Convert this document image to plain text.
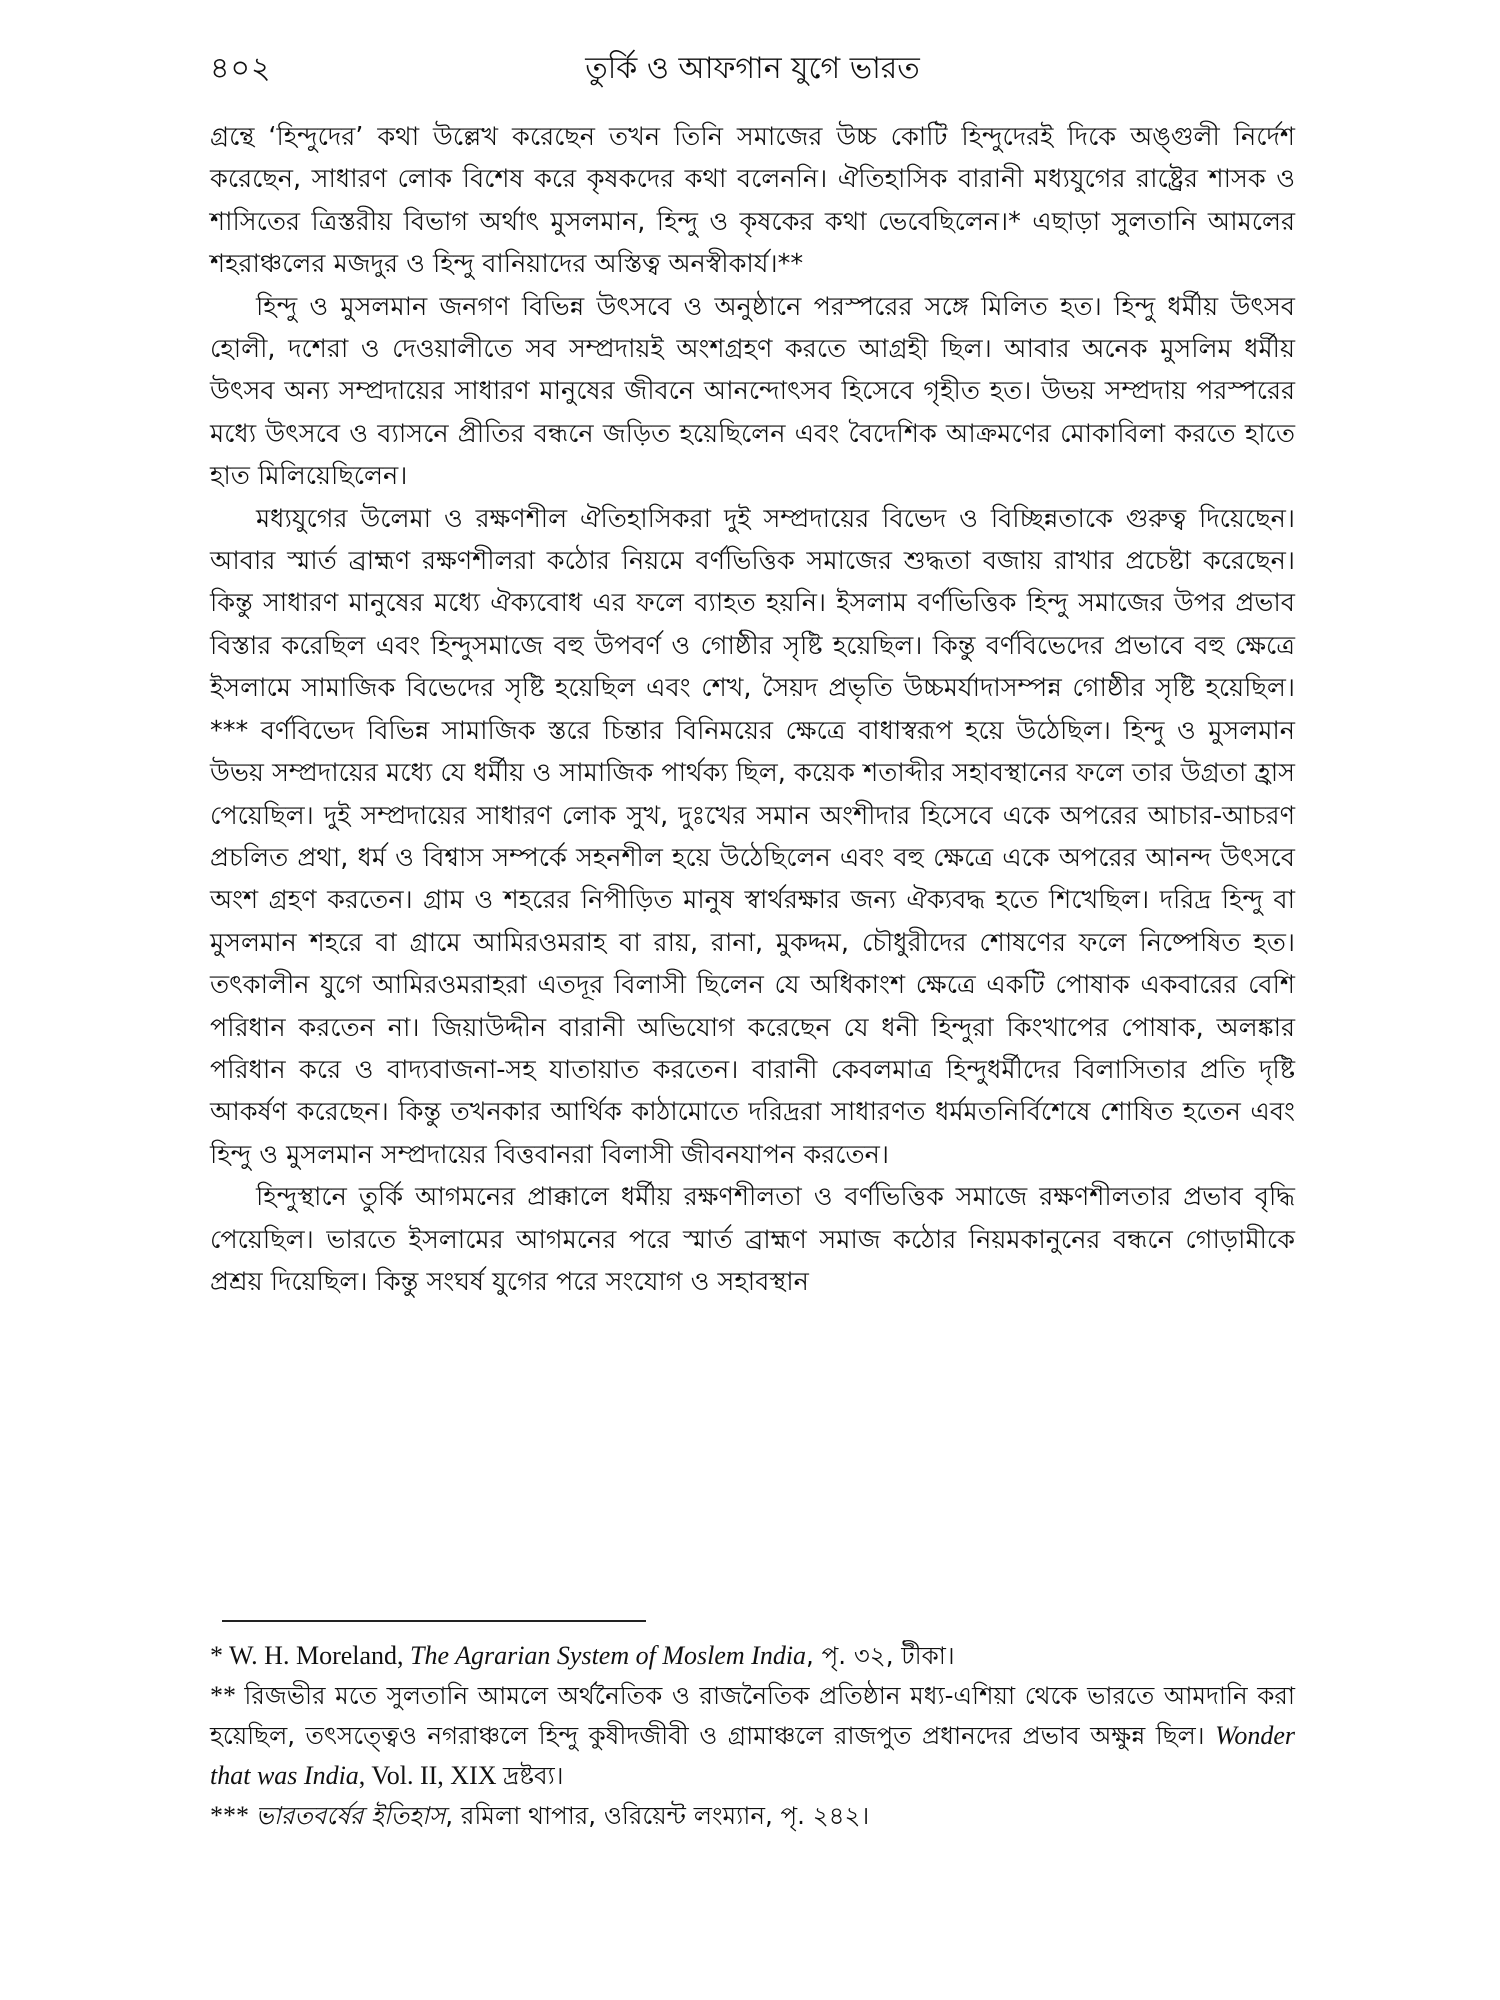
৪০২	তুর্কি ও আফগান যুগে ভারত

গ্রন্থে ‘হিন্দুদের’ কথা উল্লেখ করেছেন তখন তিনি সমাজের উচ্চ কোটি হিন্দুদেরই দিকে অঙ্গুলী নির্দেশ করেছেন, সাধারণ লোক বিশেষ করে কৃষকদের কথা বলেননি। ঐতিহাসিক বারানী মধ্যযুগের রাষ্ট্রের শাসক ও শাসিতের ত্রিস্তরীয় বিভাগ অর্থাৎ মুসলমান, হিন্দু ও কৃষকের কথা ভেবেছিলেন।* এছাড়া সুলতানি আমলের শহরাঞ্চলের মজদুর ও হিন্দু বানিয়াদের অস্তিত্ব অনস্বীকার্য।**

হিন্দু ও মুসলমান জনগণ বিভিন্ন উৎসবে ও অনুষ্ঠানে পরস্পরের সঙ্গে মিলিত হত। হিন্দু ধর্মীয় উৎসব হোলী, দশেরা ও দেওয়ালীতে সব সম্প্রদায়ই অংশগ্রহণ করতে আগ্রহী ছিল। আবার অনেক মুসলিম ধর্মীয় উৎসব অন্য সম্প্রদায়ের সাধারণ মানুষের জীবনে আনন্দোৎসব হিসেবে গৃহীত হত। উভয় সম্প্রদায় পরস্পরের মধ্যে উৎসবে ও ব্যাসনে প্রীতির বন্ধনে জড়িত হয়েছিলেন এবং বৈদেশিক আক্রমণের মোকাবিলা করতে হাতে হাত মিলিয়েছিলেন।

মধ্যযুগের উলেমা ও রক্ষণশীল ঐতিহাসিকরা দুই সম্প্রদায়ের বিভেদ ও বিচ্ছিন্নতাকে গুরুত্ব দিয়েছেন। আবার স্মার্ত ব্রাহ্মণ রক্ষণশীলরা কঠোর নিয়মে বর্ণভিত্তিক সমাজের শুদ্ধতা বজায় রাখার প্রচেষ্টা করেছেন। কিন্তু সাধারণ মানুষের মধ্যে ঐক্যবোধ এর ফলে ব্যাহত হয়নি। ইসলাম বর্ণভিত্তিক হিন্দু সমাজের উপর প্রভাব বিস্তার করেছিল এবং হিন্দুসমাজে বহু উপবর্ণ ও গোষ্ঠীর সৃষ্টি হয়েছিল। কিন্তু বর্ণবিভেদের প্রভাবে বহু ক্ষেত্রে ইসলামে সামাজিক বিভেদের সৃষ্টি হয়েছিল এবং শেখ, সৈয়দ প্রভৃতি উচ্চমর্যাদাসম্পন্ন গোষ্ঠীর সৃষ্টি হয়েছিল।*** বর্ণবিভেদ বিভিন্ন সামাজিক স্তরে চিন্তার বিনিময়ের ক্ষেত্রে বাধাস্বরূপ হয়ে উঠেছিল। হিন্দু ও মুসলমান উভয় সম্প্রদায়ের মধ্যে যে ধর্মীয় ও সামাজিক পার্থক্য ছিল, কয়েক শতাব্দীর সহাবস্থানের ফলে তার উগ্রতা হ্রাস পেয়েছিল। দুই সম্প্রদায়ের সাধারণ লোক সুখ, দুঃখের সমান অংশীদার হিসেবে একে অপরের আচার-আচরণ প্রচলিত প্রথা, ধর্ম ও বিশ্বাস সম্পর্কে সহনশীল হয়ে উঠেছিলেন এবং বহু ক্ষেত্রে একে অপরের আনন্দ উৎসবে অংশ গ্রহণ করতেন। গ্রাম ও শহরের নিপীড়িত মানুষ স্বার্থরক্ষার জন্য ঐক্যবদ্ধ হতে শিখেছিল। দরিদ্র হিন্দু বা মুসলমান শহরে বা গ্রামে আমিরওমরাহ বা রায়, রানা, মুকদ্দম, চৌধুরীদের শোষণের ফলে নিষ্পেষিত হত। তৎকালীন যুগে আমিরওমরাহরা এতদূর বিলাসী ছিলেন যে অধিকাংশ ক্ষেত্রে একটি পোষাক একবারের বেশি পরিধান করতেন না। জিয়াউদ্দীন বারানী অভিযোগ করেছেন যে ধনী হিন্দুরা কিংখাপের পোষাক, অলঙ্কার পরিধান করে ও বাদ্যবাজনা-সহ যাতায়াত করতেন। বারানী কেবলমাত্র হিন্দুধর্মীদের বিলাসিতার প্রতি দৃষ্টি আকর্ষণ করেছেন। কিন্তু তখনকার আর্থিক কাঠামোতে দরিদ্ররা সাধারণত ধর্মমতনির্বিশেষে শোষিত হতেন এবং হিন্দু ও মুসলমান সম্প্রদায়ের বিত্তবানরা বিলাসী জীবনযাপন করতেন।

হিন্দুস্থানে তুর্কি আগমনের প্রাক্কালে ধর্মীয় রক্ষণশীলতা ও বর্ণভিত্তিক সমাজে রক্ষণশীলতার প্রভাব বৃদ্ধি পেয়েছিল। ভারতে ইসলামের আগমনের পরে স্মার্ত ব্রাহ্মণ সমাজ কঠোর নিয়মকানুনের বন্ধনে গোড়ামীকে প্রশ্রয় দিয়েছিল। কিন্তু সংঘর্ষ যুগের পরে সংযোগ ও সহাবস্থান

* W. H. Moreland, The Agrarian System of Moslem India, পৃ. ৩২, টীকা।

** রিজভীর মতে সুলতানি আমলে অর্থনৈতিক ও রাজনৈতিক প্রতিষ্ঠান মধ্য-এশিয়া থেকে ভারতে আমদানি করা হয়েছিল, তৎসত্ত্বেও নগরাঞ্চলে হিন্দু কুষীদজীবী ও গ্রামাঞ্চলে রাজপুত প্রধানদের প্রভাব অক্ষুন্ন ছিল। Wonder that was India, Vol. II, XIX দ্রষ্টব্য।

*** ভারতবর্ষের ইতিহাস, রমিলা থাপার, ওরিয়েন্ট লংম্যান, পৃ. ২৪২।
